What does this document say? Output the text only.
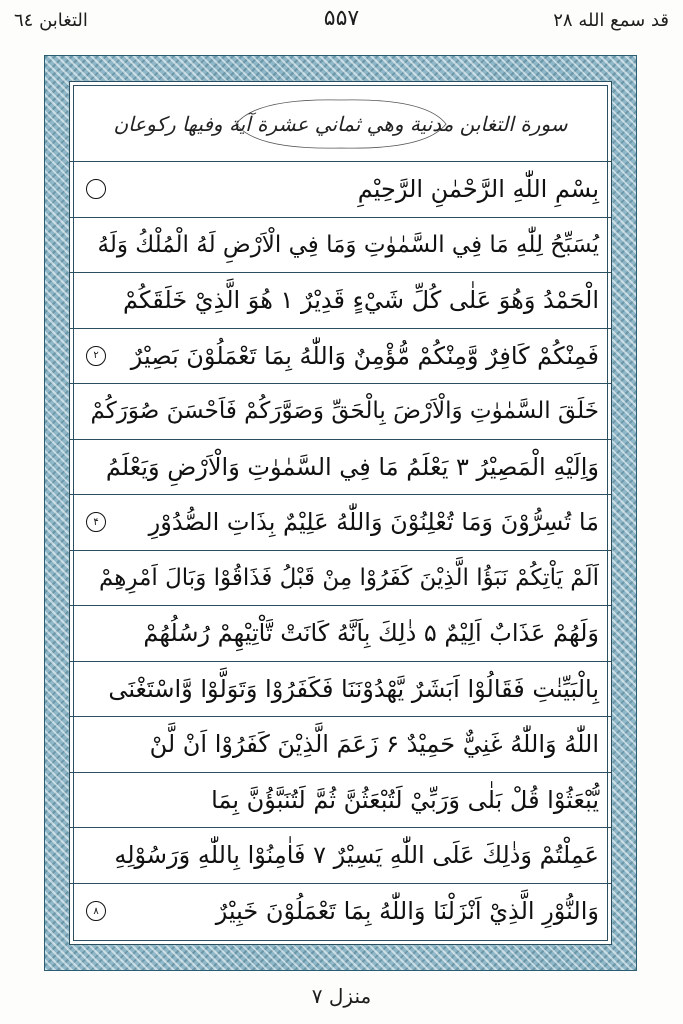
التغابن ٦٤	۵۵۷	قد سمع الله ۲۸
سورة التغابن مدنية وهي ثماني عشرة آية وفيها ركوعان
بِسْمِ اللّٰهِ الرَّحْمٰنِ الرَّحِيْمِ
يُسَبِّحُ لِلّٰهِ مَا فِي السَّمٰوٰتِ وَمَا فِي الْاَرْضِ لَهُ الْمُلْكُ وَلَهُ
الْحَمْدُ وَهُوَ عَلٰى كُلِّ شَيْءٍ قَدِيْرٌ ۱ هُوَ الَّذِيْ خَلَقَكُمْ
فَمِنْكُمْ كَافِرٌ وَّمِنْكُمْ مُّؤْمِنٌ وَاللّٰهُ بِمَا تَعْمَلُوْنَ بَصِيْرٌ
۲
خَلَقَ السَّمٰوٰتِ وَالْاَرْضَ بِالْحَقِّ وَصَوَّرَكُمْ فَاَحْسَنَ صُوَرَكُمْ
وَاِلَيْهِ الْمَصِيْرُ ۳ يَعْلَمُ مَا فِي السَّمٰوٰتِ وَالْاَرْضِ وَيَعْلَمُ
مَا تُسِرُّوْنَ وَمَا تُعْلِنُوْنَ وَاللّٰهُ عَلِيْمٌ بِذَاتِ الصُّدُوْرِ
۴
اَلَمْ يَاْتِكُمْ نَبَؤُا الَّذِيْنَ كَفَرُوْا مِنْ قَبْلُ فَذَاقُوْا وَبَالَ اَمْرِهِمْ
وَلَهُمْ عَذَابٌ اَلِيْمٌ ۵ ذٰلِكَ بِاَنَّهُ كَانَتْ تَّاْتِيْهِمْ رُسُلُهُمْ
بِالْبَيِّنٰتِ فَقَالُوْا اَبَشَرٌ يَّهْدُوْنَنَا فَكَفَرُوْا وَتَوَلَّوْا وَّاسْتَغْنَى
اللّٰهُ وَاللّٰهُ غَنِيٌّ حَمِيْدٌ ۶ زَعَمَ الَّذِيْنَ كَفَرُوْا اَنْ لَّنْ
يُّبْعَثُوْا قُلْ بَلٰى وَرَبِّيْ لَتُبْعَثُنَّ ثُمَّ لَتُنَبَّؤُنَّ بِمَا
عَمِلْتُمْ وَذٰلِكَ عَلَى اللّٰهِ يَسِيْرٌ ۷ فَاٰمِنُوْا بِاللّٰهِ وَرَسُوْلِهِ
وَالنُّوْرِ الَّذِيْ اَنْزَلْنَا وَاللّٰهُ بِمَا تَعْمَلُوْنَ خَبِيْرٌ
۸
منزل ۷
